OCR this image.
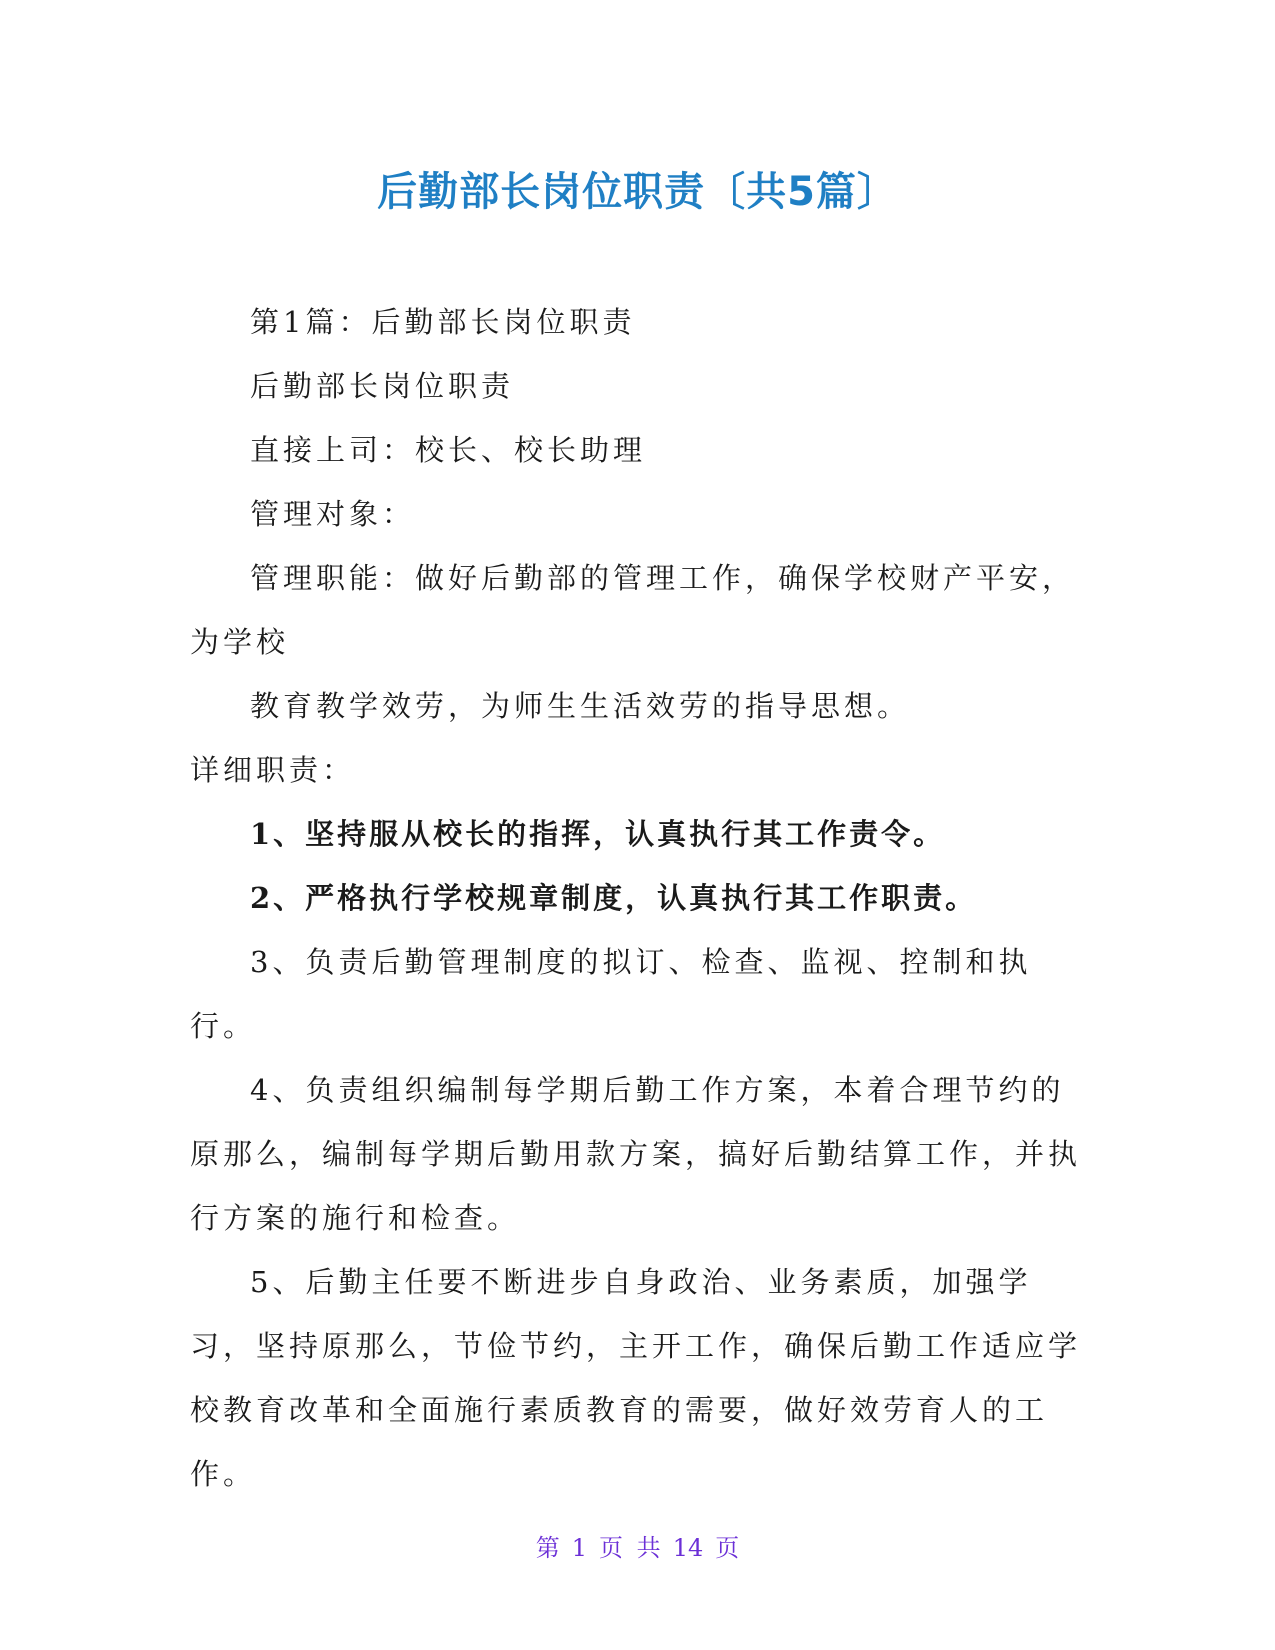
后勤部长岗位职责〔共5篇〕

第1篇：后勤部长岗位职责

后勤部长岗位职责

直接上司：校长、校长助理

管理对象：

管理职能：做好后勤部的管理工作，确保学校财产平安，为学校

教育教学效劳，为师生生活效劳的指导思想。

详细职责：

1、坚持服从校长的指挥，认真执行其工作责令。

2、严格执行学校规章制度，认真执行其工作职责。

3、负责后勤管理制度的拟订、检查、监视、控制和执行。

4、负责组织编制每学期后勤工作方案，本着合理节约的原那么，编制每学期后勤用款方案，搞好后勤结算工作，并执行方案的施行和检查。

5、后勤主任要不断进步自身政治、业务素质，加强学习，坚持原那么，节俭节约，主开工作，确保后勤工作适应学校教育改革和全面施行素质教育的需要，做好效劳育人的工作。

第 1 页 共 14 页
